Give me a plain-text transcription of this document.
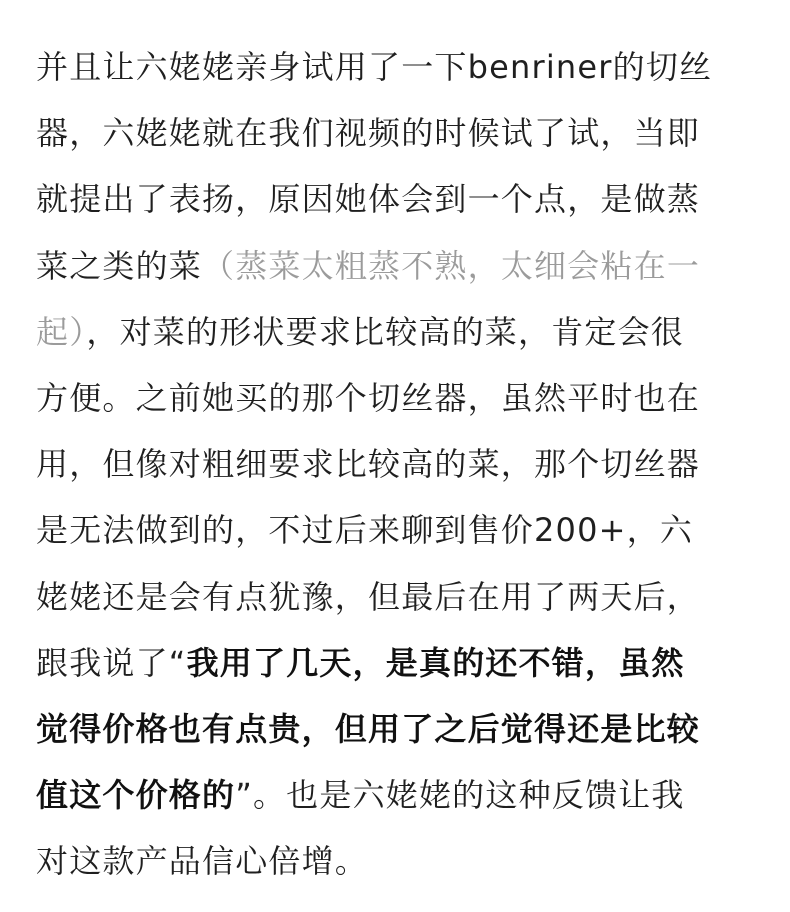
并且让六姥姥亲身试用了一下benriner的切丝
器，六姥姥就在我们视频的时候试了试，当即
就提出了表扬，原因她体会到一个点，是做蒸
菜之类的菜（蒸菜太粗蒸不熟，太细会粘在一
起），对菜的形状要求比较高的菜，肯定会很
方便。之前她买的那个切丝器，虽然平时也在
用，但像对粗细要求比较高的菜，那个切丝器
是无法做到的，不过后来聊到售价200+，六
姥姥还是会有点犹豫，但最后在用了两天后，
跟我说了“我用了几天，是真的还不错，虽然
觉得价格也有点贵，但用了之后觉得还是比较
值这个价格的”。也是六姥姥的这种反馈让我
对这款产品信心倍增。
